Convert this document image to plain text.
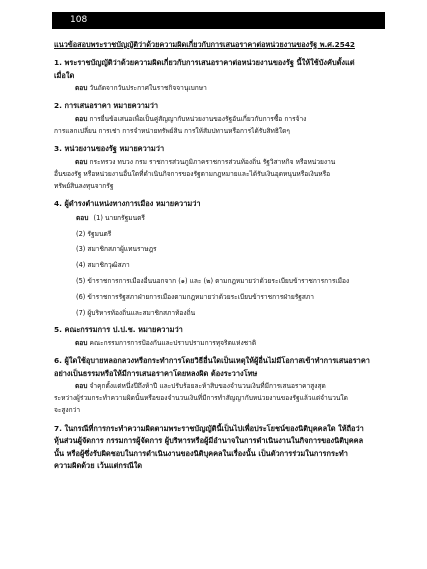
108
แนวข้อสอบพระราชบัญญัติว่าด้วยความผิดเกี่ยวกับการเสนอราคาต่อหน่วยงานของรัฐ พ.ศ.2542
1. พระราชบัญญัติว่าด้วยความผิดเกี่ยวกับการเสนอราคาต่อหน่วยงานของรัฐ นี้ให้ใช้บังคับตั้งแต่
เมื่อใด
ตอบ วันถัดจากวันประกาศในราชกิจจานุเบกษา
2. การเสนอราคา หมายความว่า
ตอบ การยื่นข้อเสนอเพื่อเป็นคู่สัญญากับหน่วยงานของรัฐอันเกี่ยวกับการซื้อ การจ้าง
การแลกเปลี่ยน การเช่า การจำหน่ายทรัพย์สิน การให้สัมปทานหรือการได้รับสิทธิใดๆ
3. หน่วยงานของรัฐ หมายความว่า
ตอบ กระทรวง ทบวง กรม ราชการส่วนภูมิภาคราชการส่วนท้องถิ่น รัฐวิสาหกิจ หรือหน่วยงาน
อื่นของรัฐ หรือหน่วยงานอื่นใดที่ดำเนินกิจการของรัฐตามกฎหมายและได้รับเงินอุดหนุนหรือเงินหรือ
ทรัพย์สินลงทุนจากรัฐ
4. ผู้ดำรงตำแหน่งทางการเมือง หมายความว่า
ตอบ (1) นายกรัฐมนตรี
(2) รัฐมนตรี
(3) สมาชิกสภาผู้แทนราษฎร
(4) สมาชิกวุฒิสภา
(5) ข้าราชการการเมืองอื่นนอกจาก (๑) และ (๒) ตามกฎหมายว่าด้วยระเบียบข้าราชการการเมือง
(6) ข้าราชการรัฐสภาฝ่ายการเมืองตามกฎหมายว่าด้วยระเบียบข้าราชการฝ่ายรัฐสภา
(7) ผู้บริหารท้องถิ่นและสมาชิกสภาท้องถิ่น
5. คณะกรรมการ ป.ป.ช. หมายความว่า
ตอบ คณะกรรมการการป้องกันและปราบปรามการทุจริตแห่งชาติ
6. ผู้ใดใช้อุบายหลอกลวงหรือกระทำการโดยวิธีอื่นใดเป็นเหตุให้ผู้อื่นไม่มีโอกาสเข้าทำการเสนอราคา
อย่างเป็นธรรมหรือให้มีการเสนอราคาโดยหลงผิด ต้องระวางโทษ
ตอบ จำคุกตั้งแต่หนึ่งปีถึงห้าปี และปรับร้อยละห้าสิบของจำนวนเงินที่มีการเสนอราคาสูงสุด
ระหว่างผู้ร่วมกระทำความผิดนั้นหรือของจำนวนเงินที่มีการทำสัญญากับหน่วยงานของรัฐแล้วแต่จำนวนใด
จะสูงกว่า
7. ในกรณีที่การกระทำความผิดตามพระราชบัญญัตินี้เป็นไปเพื่อประโยชน์ของนิติบุคคลใด ให้ถือว่า
หุ้นส่วนผู้จัดการ กรรมการผู้จัดการ ผู้บริหารหรือผู้มีอำนาจในการดำเนินงานในกิจการของนิติบุคคล
นั้น หรือผู้ซึ่งรับผิดชอบในการดำเนินงานของนิติบุคคลในเรื่องนั้น เป็นตัวการร่วมในการกระทำ
ความผิดด้วย เว้นแต่กรณีใด
